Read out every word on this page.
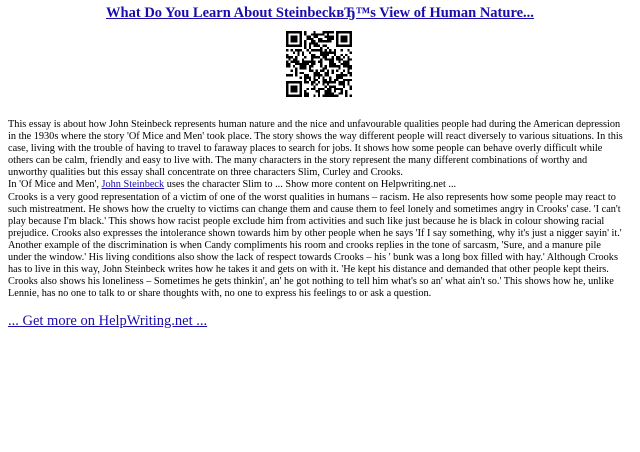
What Do You Learn About SteinbeckвЂ™s View of Human Nature...

This essay is about how John Steinbeck represents human nature and the nice and unfavourable qualities people had during the American depression in the 1930s where the story 'Of Mice and Men' took place. The story shows the way different people will react diversely to various situations. In this case, living with the trouble of having to travel to faraway places to search for jobs. It shows how some people can behave overly difficult while others can be calm, friendly and easy to live with. The many characters in the story represent the many different combinations of worthy and unworthy qualities but this essay shall concentrate on three characters Slim, Curley and Crooks.

In 'Of Mice and Men', John Steinbeck uses the character Slim to ... Show more content on Helpwriting.net ...

Crooks is a very good representation of a victim of one of the worst qualities in humans – racism. He also represents how some people may react to such mistreatment. He shows how the cruelty to victims can change them and cause them to feel lonely and sometimes angry in Crooks' case. 'I can't play because I'm black.' This shows how racist people exclude him from activities and such like just because he is black in colour showing racial prejudice. Crooks also expresses the intolerance shown towards him by other people when he says 'If I say something, why it's just a nigger sayin' it.' Another example of the discrimination is when Candy compliments his room and crooks replies in the tone of sarcasm, 'Sure, and a manure pile under the window.' His living conditions also show the lack of respect towards Crooks – his ' bunk was a long box filled with hay.' Although Crooks has to live in this way, John Steinbeck writes how he takes it and gets on with it. 'He kept his distance and demanded that other people kept theirs. Crooks also shows his loneliness – Sometimes he gets thinkin', an' he got nothing to tell him what's so an' what ain't so.' This shows how he, unlike Lennie, has no one to talk to or share thoughts with, no one to express his feelings to or ask a question.

... Get more on HelpWriting.net ...
